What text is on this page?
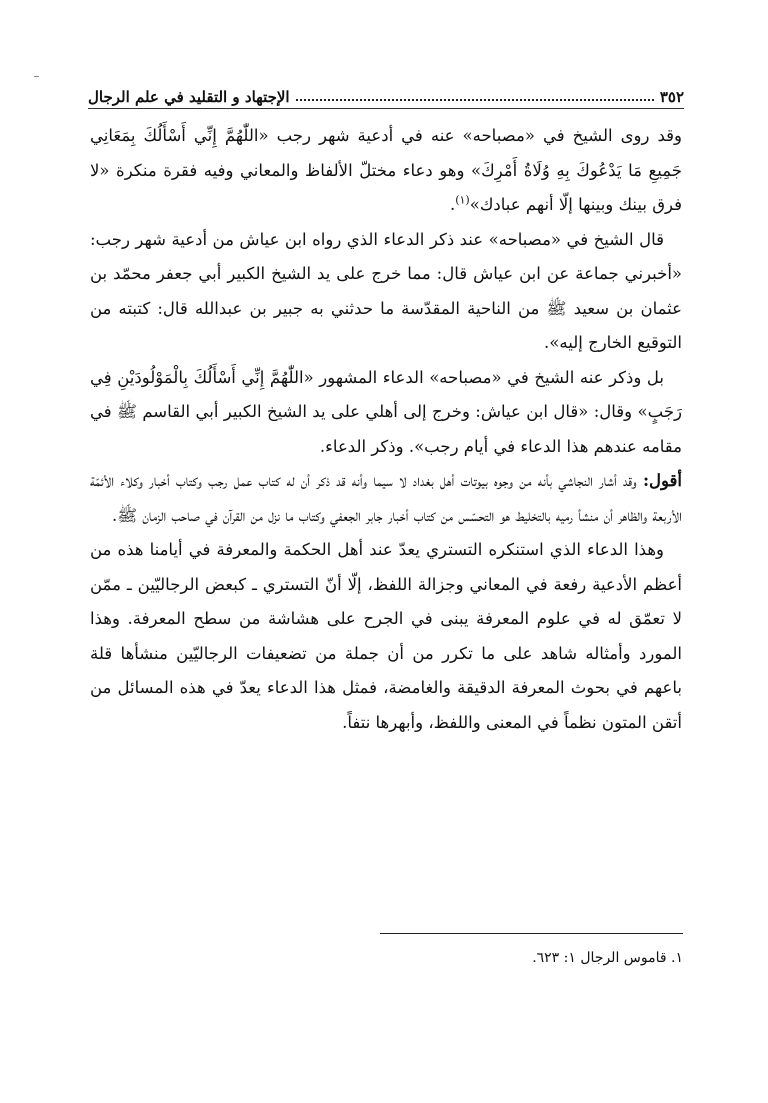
٣٥٢
الإجتهاد و التقليد في علم الرجال

وقد روى الشيخ في «مصباحه» عنه في أدعية شهر رجب «اللّٰهُمَّ إِنِّي أَسْأَلُكَ بِمَعَانِي جَمِيعِ مَا يَدْعُوكَ بِهِ وُلَاةُ أَمْرِكَ» وهو دعاء مختلّ الألفاظ والمعاني وفيه فقرة منكرة «لا فرق بينك وبينها إلّا أنهم عبادك»$^{(١)}$.

قال الشيخ في «مصباحه» عند ذكر الدعاء الذي رواه ابن عياش من أدعية شهر رجب: «أخبرني جماعة عن ابن عياش قال: مما خرج على يد الشيخ الكبير أبي جعفر محمّد بن عثمان بن سعيد ﷺ من الناحية المقدّسة ما حدثني به جبير بن عبدالله قال: كتبته من التوقيع الخارج إليه».

بل وذكر عنه الشيخ في «مصباحه» الدعاء المشهور «اللّٰهُمَّ إِنِّي أَسْأَلُكَ بِالْمَوْلُودَيْنِ فِي رَجَبٍ» وقال: «قال ابن عياش: وخرج إلى أهلي على يد الشيخ الكبير أبي القاسم ﷺ في مقامه عندهم هذا الدعاء في أيام رجب». وذكر الدعاء.

أقول: وقد أشار النجاشي بأنه من وجوه بيوتات أهل بغداد لا سيما وأنه قد ذكر أن له كتاب عمل رجب وكتاب أخبار وكلاء الأئمّة الأربعة والظاهر أن منشأ رميه بالتخليط هو التحسّس من كتاب أخبار جابر الجعفي وكتاب ما نزل من القرآن في صاحب الزمان ﷺ.

وهذا الدعاء الذي استنكره التستري يعدّ عند أهل الحكمة والمعرفة في أيامنا هذه من أعظم الأدعية رفعة في المعاني وجزالة اللفظ، إلّا أنّ التستري ـ كبعض الرجاليّين ـ ممّن لا تعمّق له في علوم المعرفة يبنى في الجرح على هشاشة من سطح المعرفة. وهذا المورد وأمثاله شاهد على ما تكرر من أن جملة من تضعيفات الرجاليّين منشأها قلة باعهم في بحوث المعرفة الدقيقة والغامضة، فمثل هذا الدعاء يعدّ في هذه المسائل من أتقن المتون نظماً في المعنى واللفظ، وأبهرها نتفاً.

١. قاموس الرجال ١: ٦٢٣.
